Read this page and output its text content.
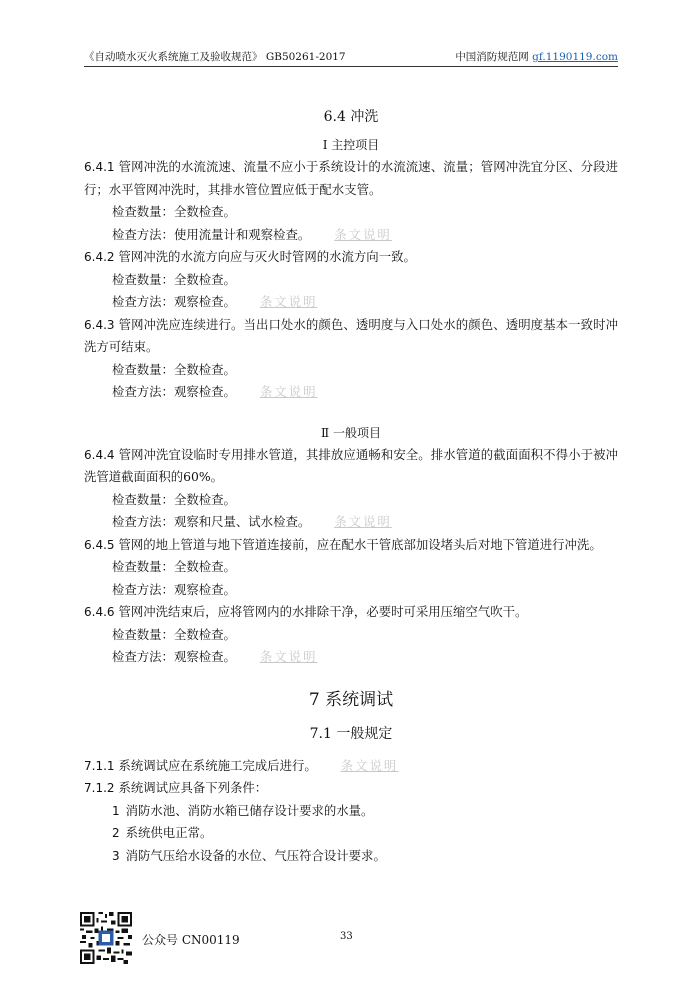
《自动喷水灭火系统施工及验收规范》 GB50261-2017	中国消防规范网 gf.1190119.com
6.4 冲洗
Ⅰ 主控项目

6.4.1 管网冲洗的水流流速、流量不应小于系统设计的水流流速、流量；管网冲洗宜分区、分段进行；水平管网冲洗时，其排水管位置应低于配水支管。

检查数量：全数检查。

检查方法：使用流量计和观察检查。 条文说明

6.4.2 管网冲洗的水流方向应与灭火时管网的水流方向一致。

检查数量：全数检查。

检查方法：观察检查。 条文说明

6.4.3 管网冲洗应连续进行。当出口处水的颜色、透明度与入口处水的颜色、透明度基本一致时冲洗方可结束。

检查数量：全数检查。

检查方法：观察检查。 条文说明

Ⅱ 一般项目

6.4.4 管网冲洗宜设临时专用排水管道，其排放应通畅和安全。排水管道的截面面积不得小于被冲洗管道截面面积的60%。

检查数量：全数检查。

检查方法：观察和尺量、试水检查。 条文说明

6.4.5 管网的地上管道与地下管道连接前，应在配水干管底部加设堵头后对地下管道进行冲洗。

检查数量：全数检查。

检查方法：观察检查。

6.4.6 管网冲洗结束后，应将管网内的水排除干净，必要时可采用压缩空气吹干。

检查数量：全数检查。

检查方法：观察检查。 条文说明

7 系统调试
7.1 一般规定

7.1.1 系统调试应在系统施工完成后进行。 条文说明

7.1.2 系统调试应具备下列条件：

1 消防水池、消防水箱已储存设计要求的水量。

2 系统供电正常。

3 消防气压给水设备的水位、气压符合设计要求。

公众号 CN00119	33
